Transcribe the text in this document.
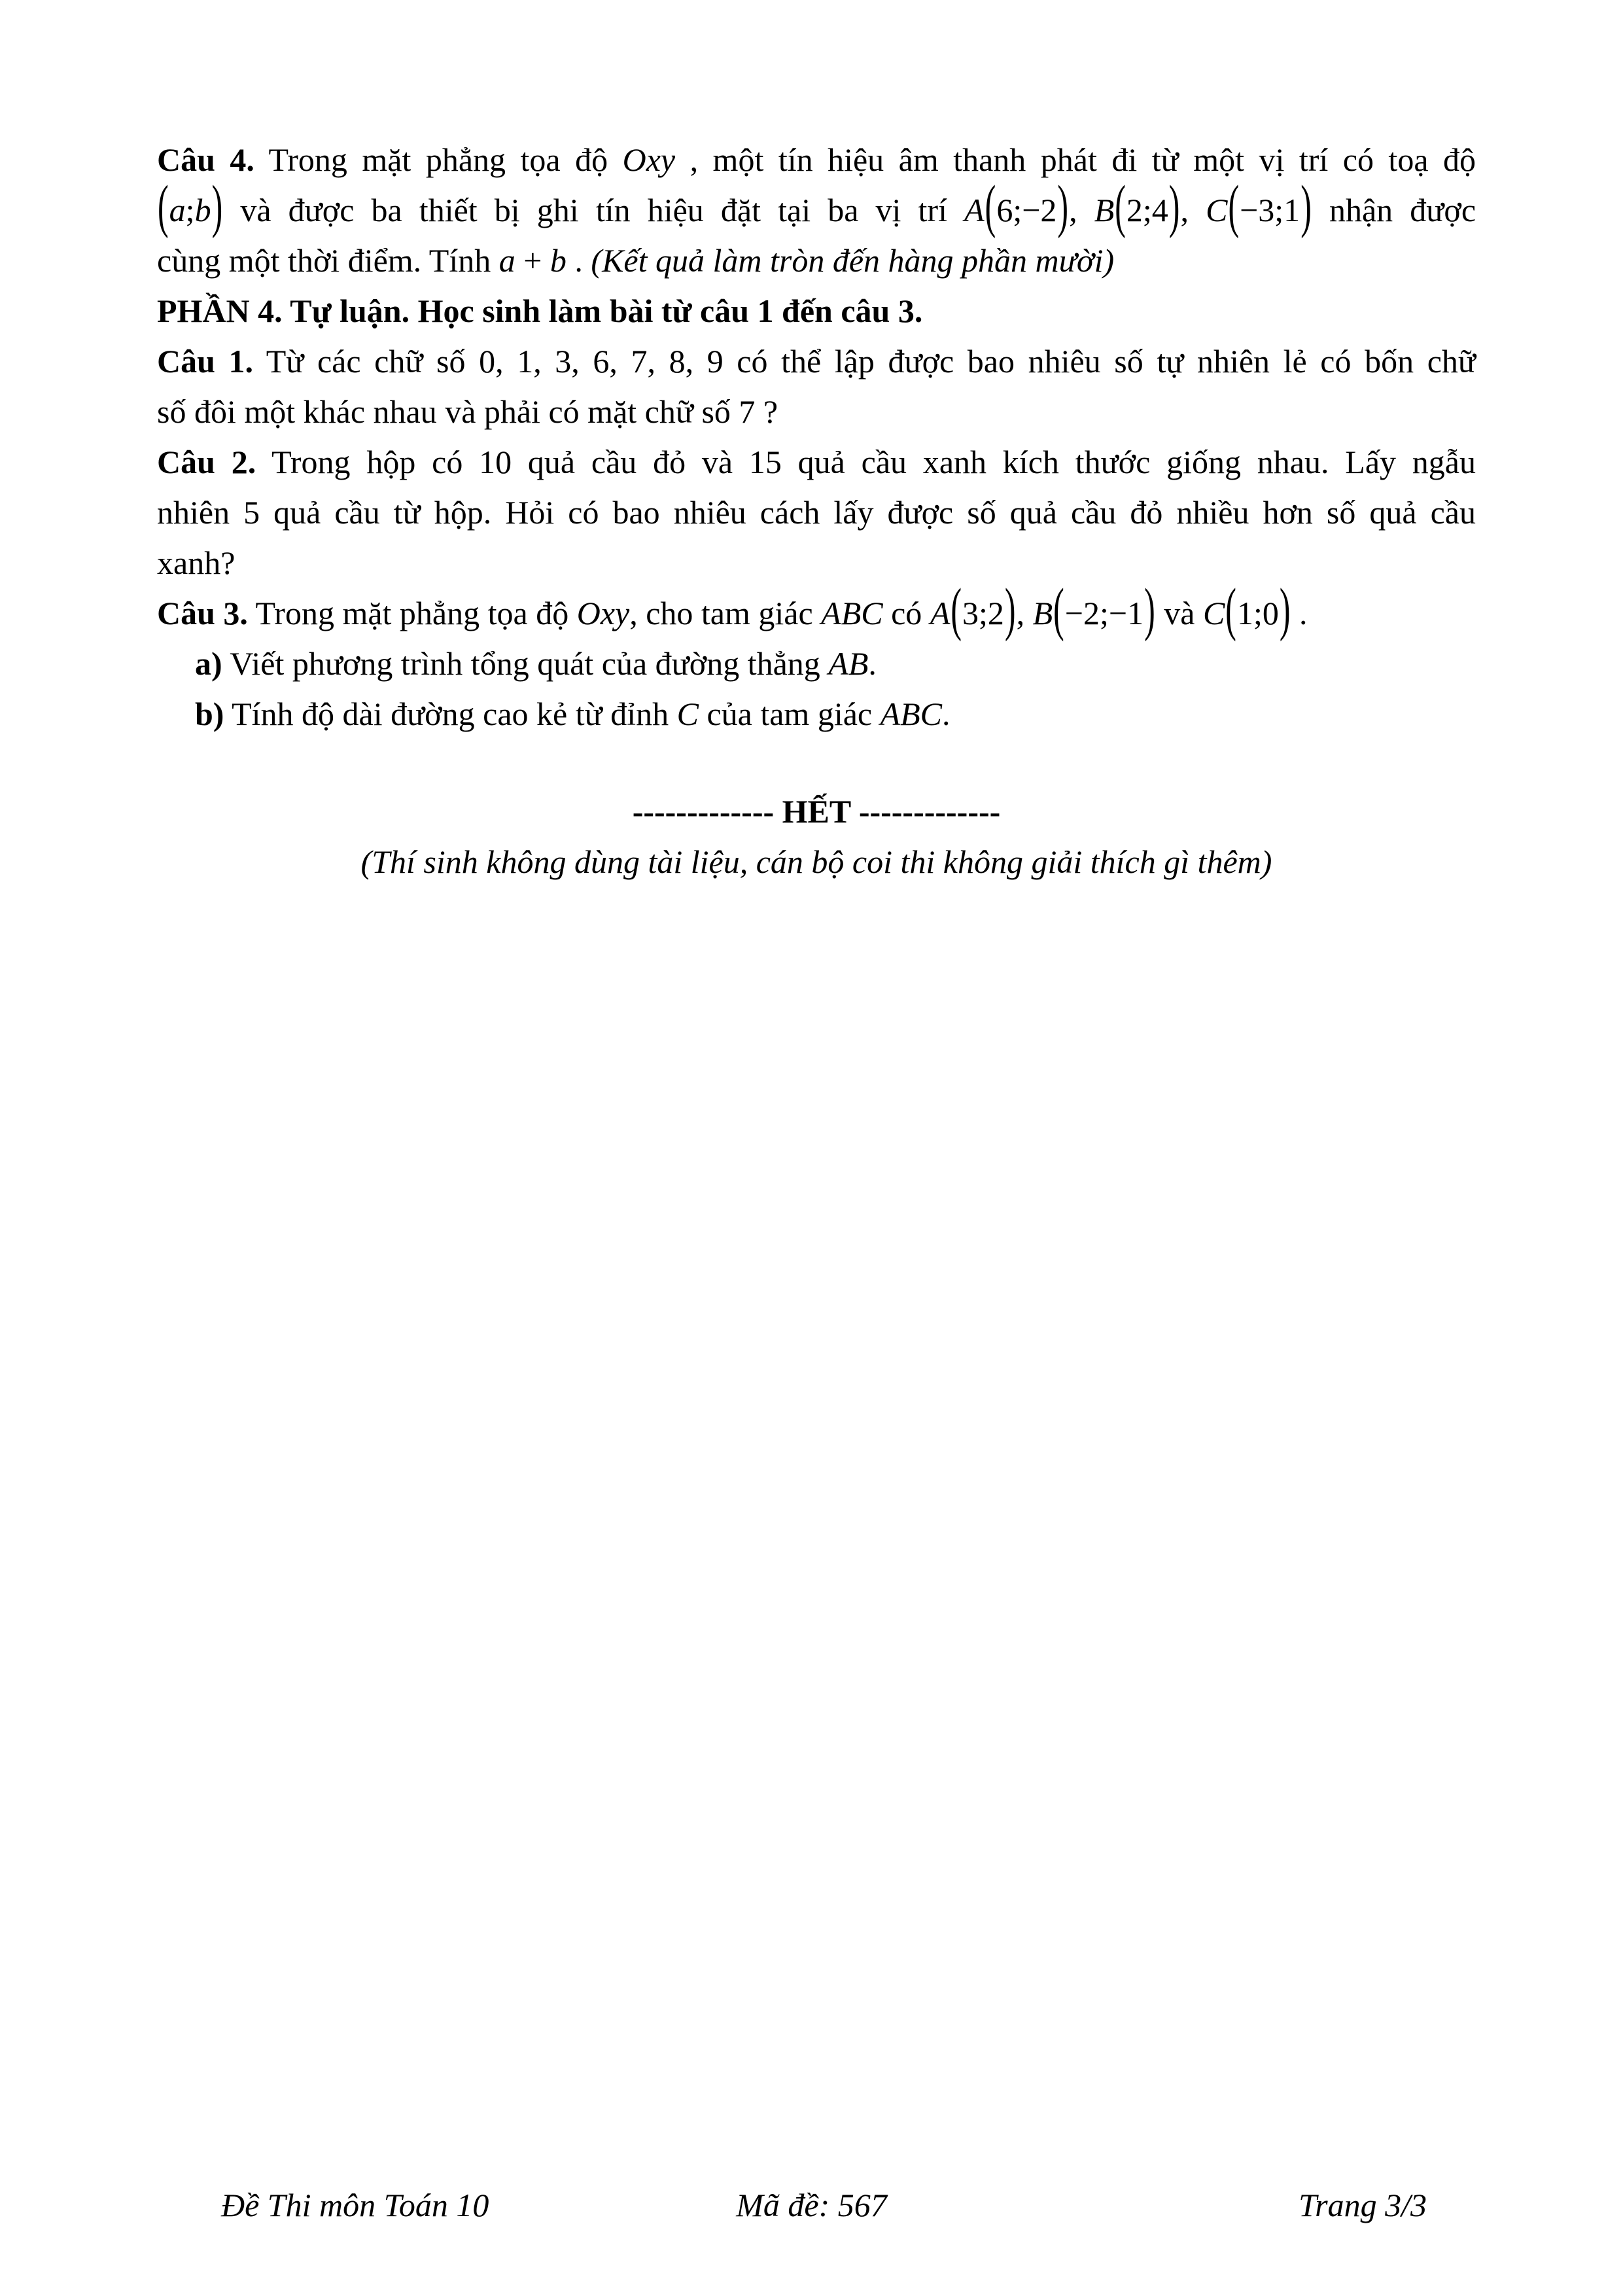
Câu 4. Trong mặt phẳng tọa độ Oxy , một tín hiệu âm thanh phát đi từ một vị trí có toạ độ
(a;b) và được ba thiết bị ghi tín hiệu đặt tại ba vị trí A(6;−2), B(2;4), C(−3;1) nhận được
cùng một thời điểm. Tính a + b . (Kết quả làm tròn đến hàng phần mười)
PHẦN 4. Tự luận. Học sinh làm bài từ câu 1 đến câu 3.
Câu 1. Từ các chữ số 0, 1, 3, 6, 7, 8, 9 có thể lập được bao nhiêu số tự nhiên lẻ có bốn chữ
số đôi một khác nhau và phải có mặt chữ số 7 ?
Câu 2. Trong hộp có 10 quả cầu đỏ và 15 quả cầu xanh kích thước giống nhau. Lấy ngẫu
nhiên 5 quả cầu từ hộp. Hỏi có bao nhiêu cách lấy được số quả cầu đỏ nhiều hơn số quả cầu
xanh?
Câu 3. Trong mặt phẳng tọa độ Oxy, cho tam giác ABC có A(3;2), B(−2;−1) và C(1;0) .
a) Viết phương trình tổng quát của đường thẳng AB.
b) Tính độ dài đường cao kẻ từ đỉnh C của tam giác ABC.
------------- HẾT -------------
(Thí sinh không dùng tài liệu, cán bộ coi thi không giải thích gì thêm)
Đề Thi môn Toán 10	Mã đề: 567	Trang 3/3
